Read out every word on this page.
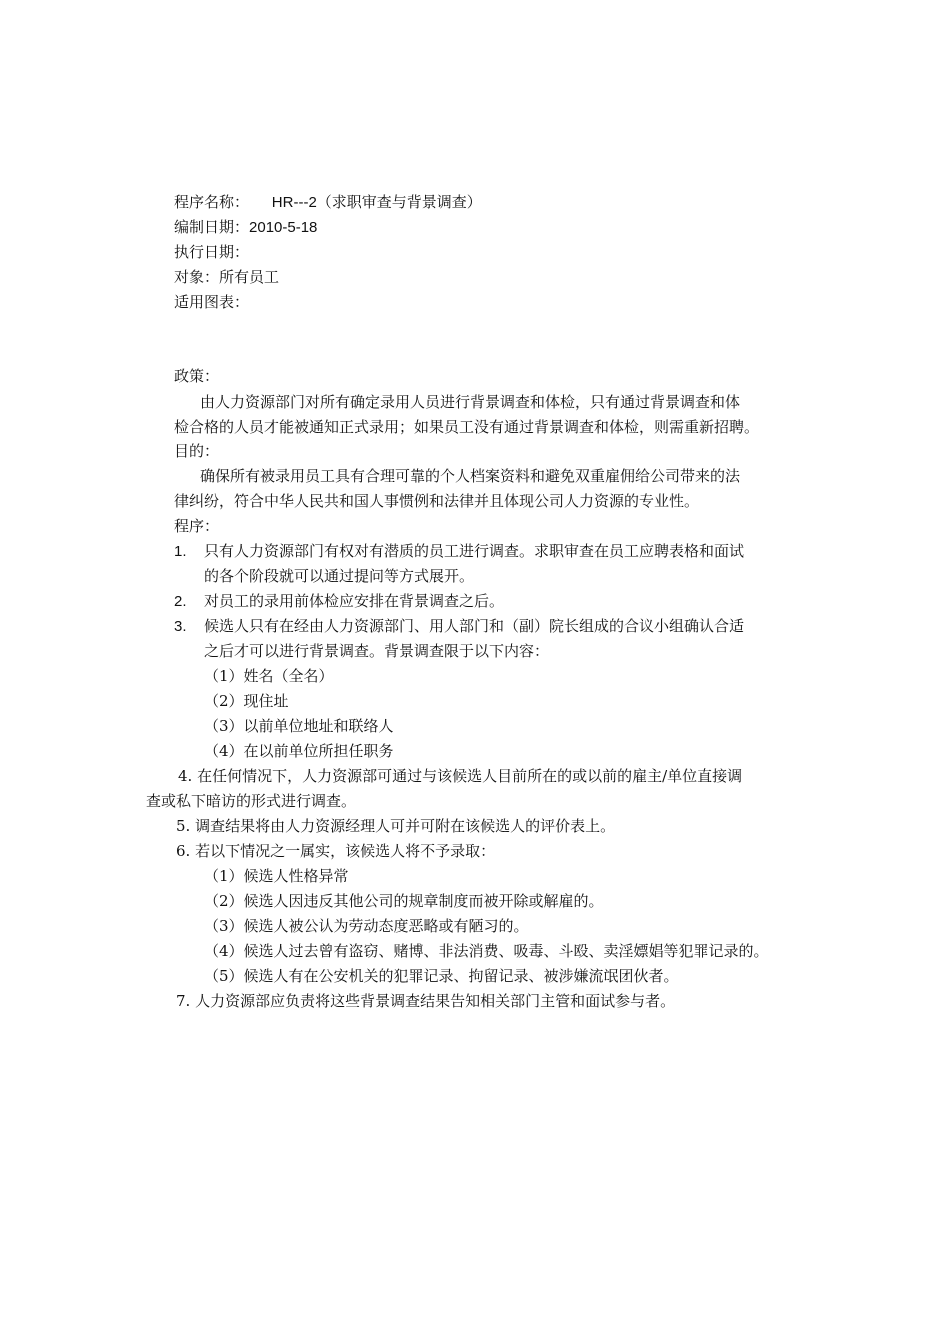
程序名称： HR---2（求职审查与背景调查）
编制日期：2010-5-18
执行日期：
对象：所有员工
适用图表：
政策：
由人力资源部门对所有确定录用人员进行背景调查和体检，只有通过背景调查和体
检合格的人员才能被通知正式录用；如果员工没有通过背景调查和体检，则需重新招聘。
目的：
确保所有被录用员工具有合理可靠的个人档案资料和避免双重雇佣给公司带来的法
律纠纷，符合中华人民共和国人事惯例和法律并且体现公司人力资源的专业性。
程序：
1. 只有人力资源部门有权对有潜质的员工进行调查。求职审查在员工应聘表格和面试
的各个阶段就可以通过提问等方式展开。
2. 对员工的录用前体检应安排在背景调查之后。
3. 候选人只有在经由人力资源部门、用人部门和（副）院长组成的合议小组确认合适
之后才可以进行背景调查。背景调查限于以下内容：
（1）姓名（全名）
（2）现住址
（3）以前单位地址和联络人
（4）在以前单位所担任职务
4. 在任何情况下，人力资源部可通过与该候选人目前所在的或以前的雇主/单位直接调
查或私下暗访的形式进行调查。
5. 调查结果将由人力资源经理人可并可附在该候选人的评价表上。
6. 若以下情况之一属实，该候选人将不予录取：
（1）候选人性格异常
（2）候选人因违反其他公司的规章制度而被开除或解雇的。
（3）候选人被公认为劳动态度恶略或有陋习的。
（4）候选人过去曾有盗窃、赌博、非法消费、吸毒、斗殴、卖淫嫖娼等犯罪记录的。
（5）候选人有在公安机关的犯罪记录、拘留记录、被涉嫌流氓团伙者。
7. 人力资源部应负责将这些背景调查结果告知相关部门主管和面试参与者。
